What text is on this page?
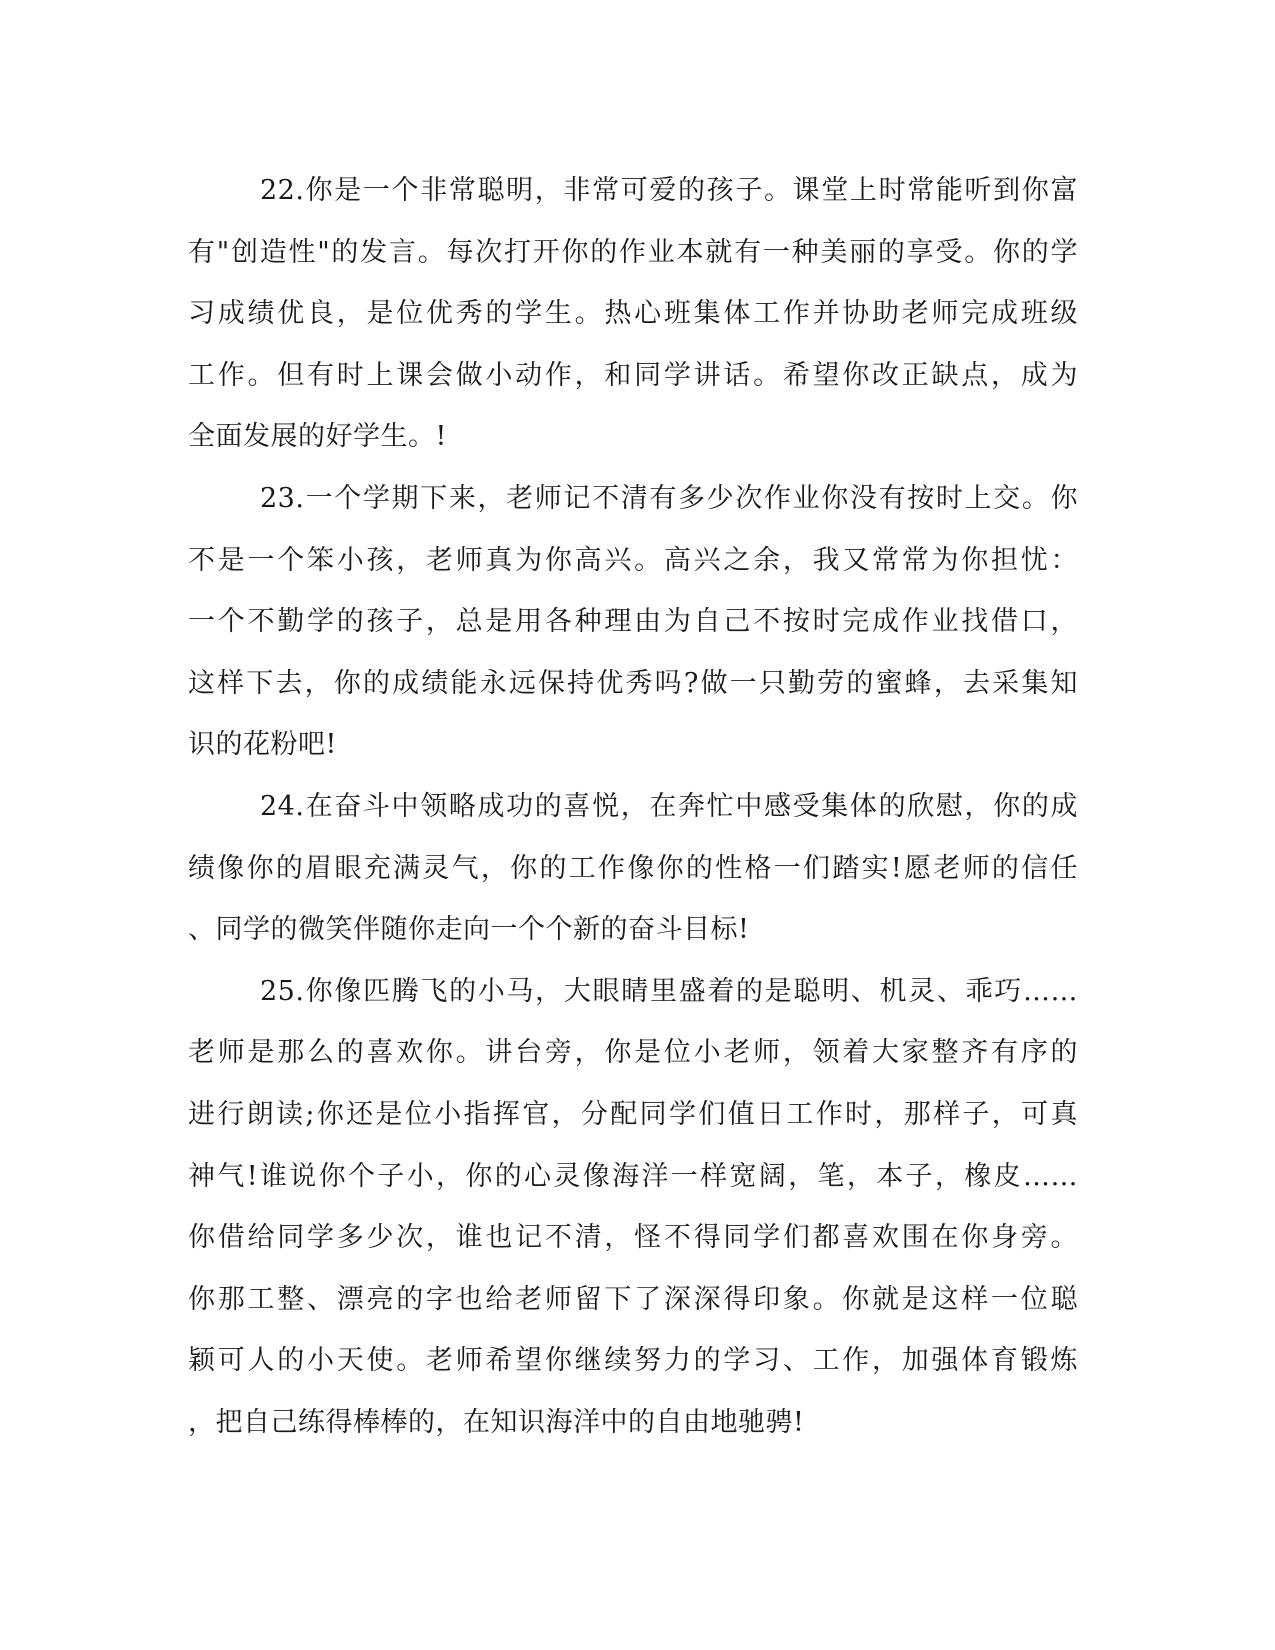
22.你是一个非常聪明，非常可爱的孩子。课堂上时常能听到你富
有"创造性"的发言。每次打开你的作业本就有一种美丽的享受。你的学
习成绩优良，是位优秀的学生。热心班集体工作并协助老师完成班级
工作。但有时上课会做小动作，和同学讲话。希望你改正缺点，成为
全面发展的好学生。!
23.一个学期下来，老师记不清有多少次作业你没有按时上交。你
不是一个笨小孩，老师真为你高兴。高兴之余，我又常常为你担忧：
一个不勤学的孩子，总是用各种理由为自己不按时完成作业找借口，
这样下去，你的成绩能永远保持优秀吗?做一只勤劳的蜜蜂，去采集知
识的花粉吧!
24.在奋斗中领略成功的喜悦，在奔忙中感受集体的欣慰，你的成
绩像你的眉眼充满灵气，你的工作像你的性格一们踏实!愿老师的信任
、同学的微笑伴随你走向一个个新的奋斗目标!
25.你像匹腾飞的小马，大眼睛里盛着的是聪明、机灵、乖巧……
老师是那么的喜欢你。讲台旁，你是位小老师，领着大家整齐有序的
进行朗读;你还是位小指挥官，分配同学们值日工作时，那样子，可真
神气!谁说你个子小，你的心灵像海洋一样宽阔，笔，本子，橡皮……
你借给同学多少次，谁也记不清，怪不得同学们都喜欢围在你身旁。
你那工整、漂亮的字也给老师留下了深深得印象。你就是这样一位聪
颖可人的小天使。老师希望你继续努力的学习、工作，加强体育锻炼
，把自己练得棒棒的，在知识海洋中的自由地驰骋!
